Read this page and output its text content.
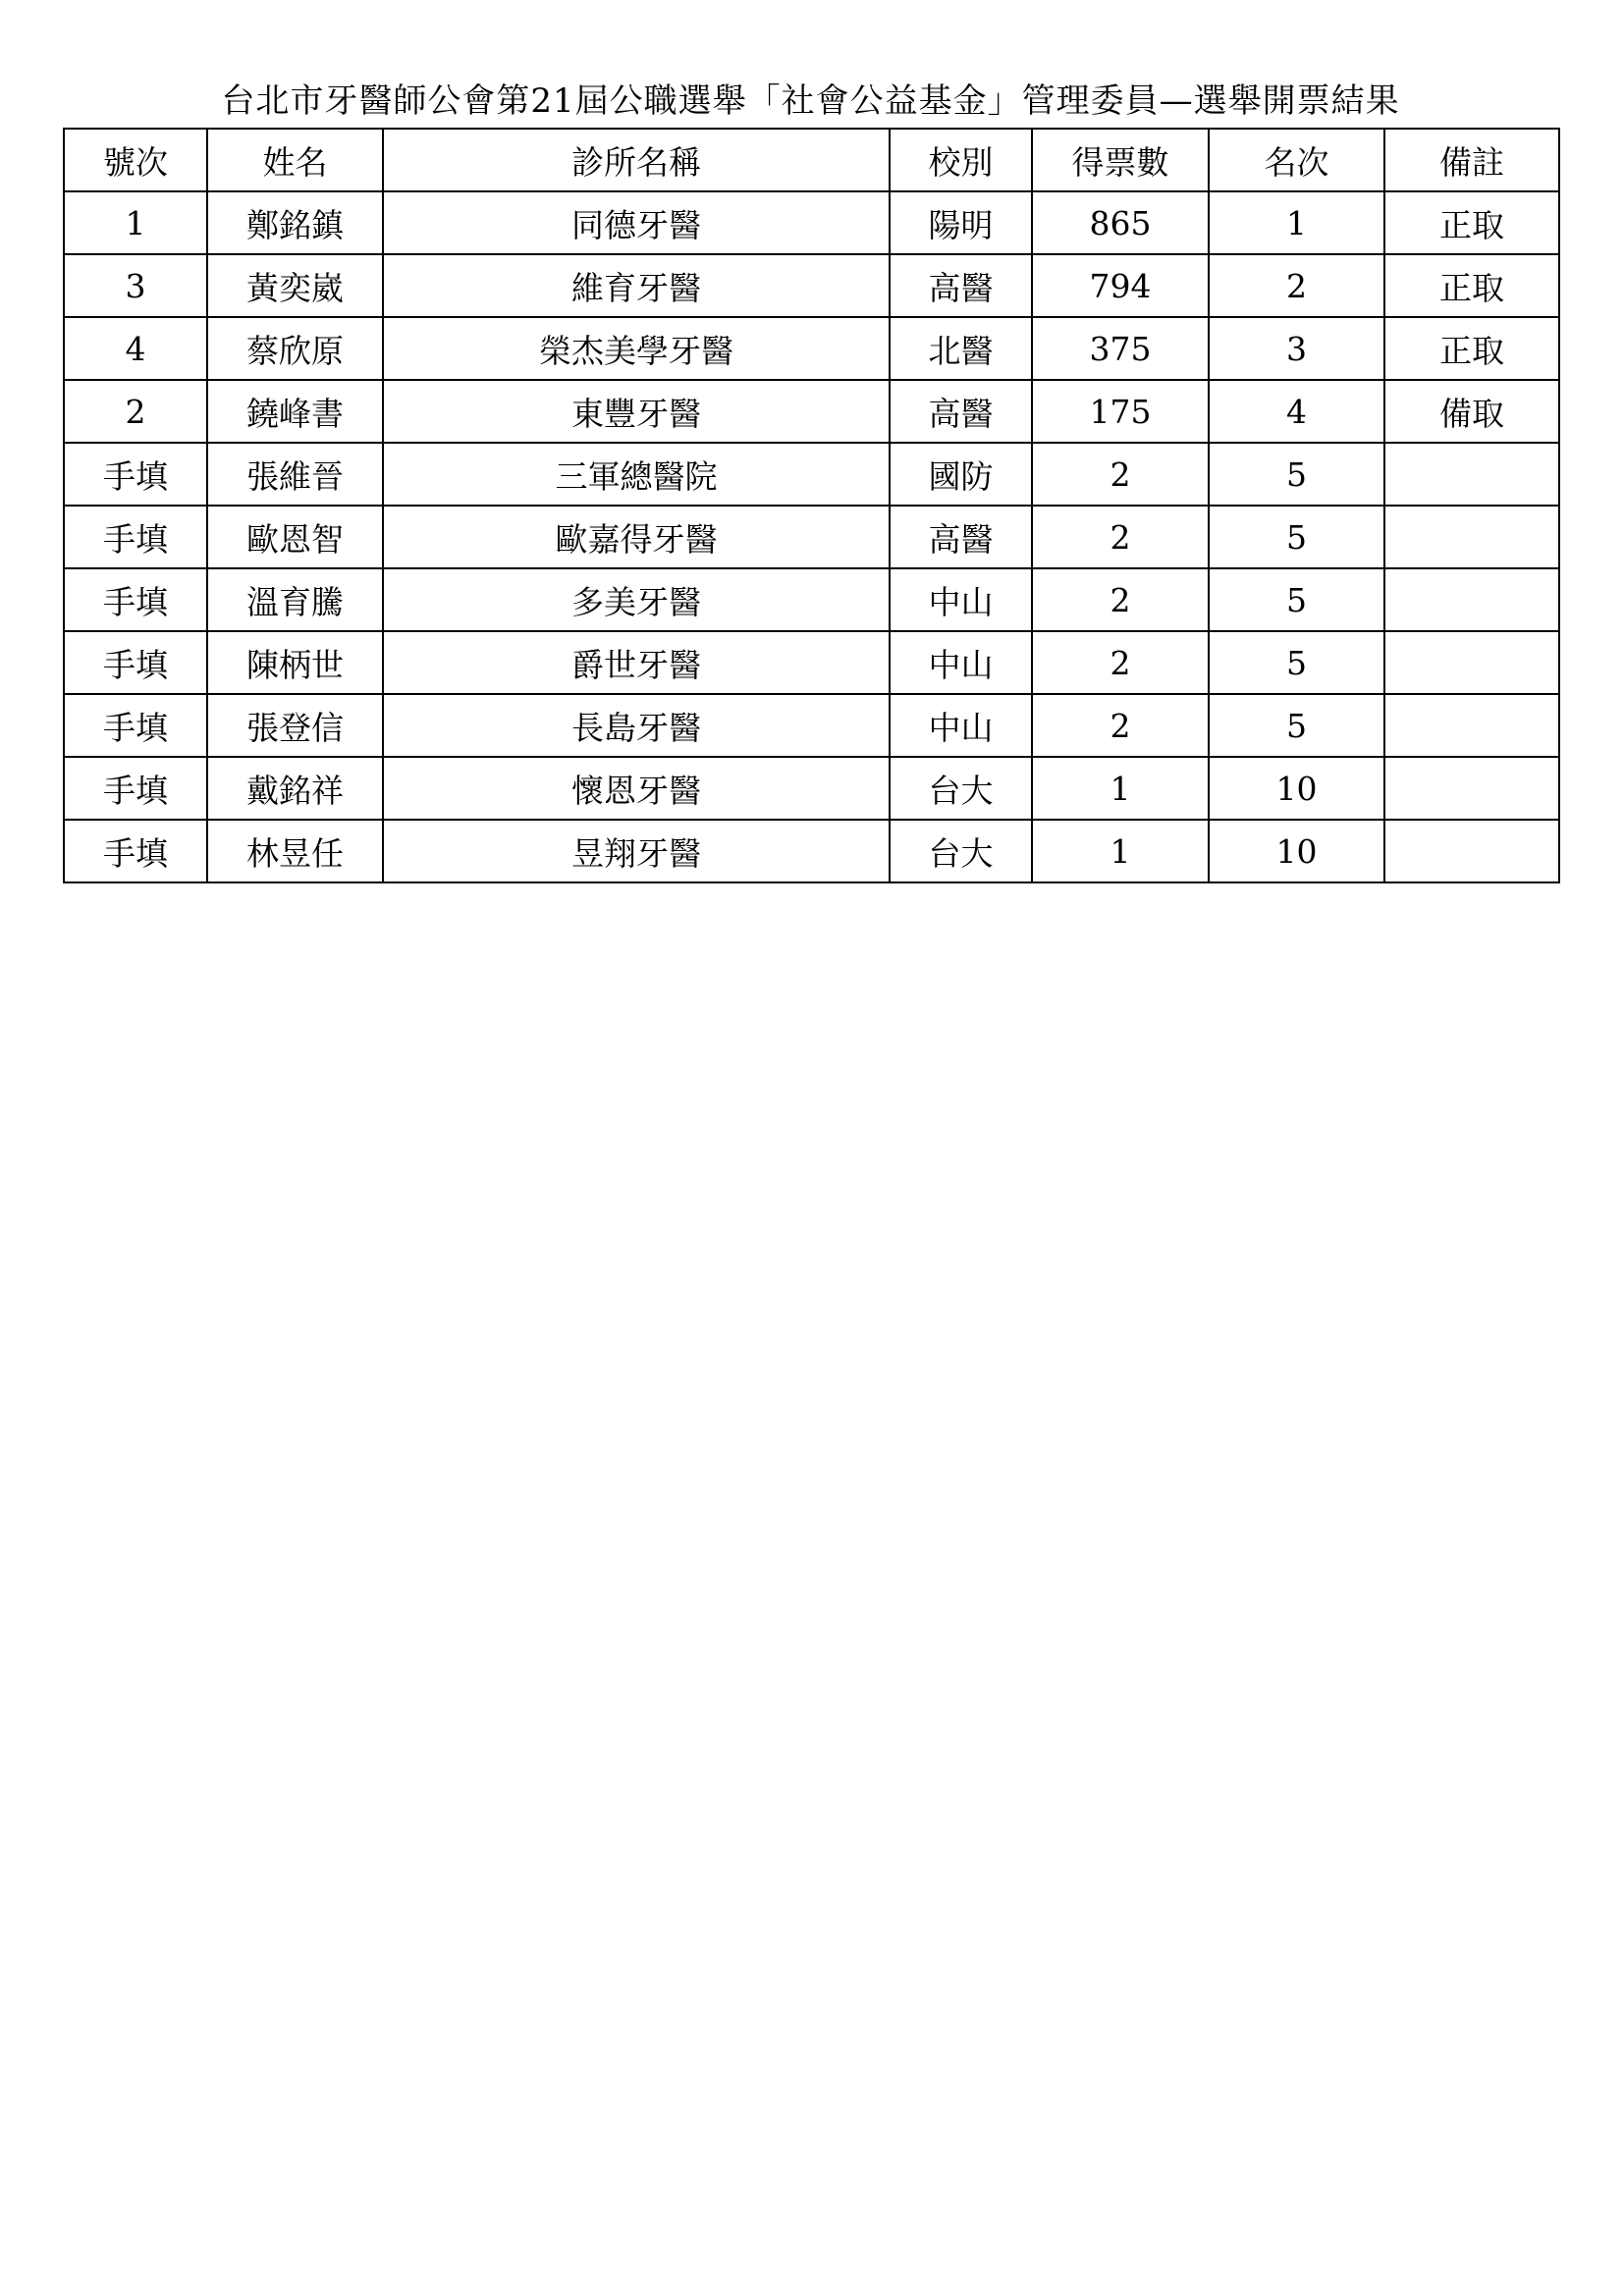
台北市牙醫師公會第21屆公職選舉「社會公益基金」管理委員—選舉開票結果
號次	姓名	診所名稱	校別	得票數	名次	備註
1	鄭銘鎮	同德牙醫	陽明	865	1	正取
3	黃奕崴	維育牙醫	高醫	794	2	正取
4	蔡欣原	榮杰美學牙醫	北醫	375	3	正取
2	鐃峰書	東豐牙醫	高醫	175	4	備取
手填	張維晉	三軍總醫院	國防	2	5	
手填	歐恩智	歐嘉得牙醫	高醫	2	5	
手填	溫育騰	多美牙醫	中山	2	5	
手填	陳柄世	爵世牙醫	中山	2	5	
手填	張登信	長島牙醫	中山	2	5	
手填	戴銘祥	懷恩牙醫	台大	1	10	
手填	林昱任	昱翔牙醫	台大	1	10	
